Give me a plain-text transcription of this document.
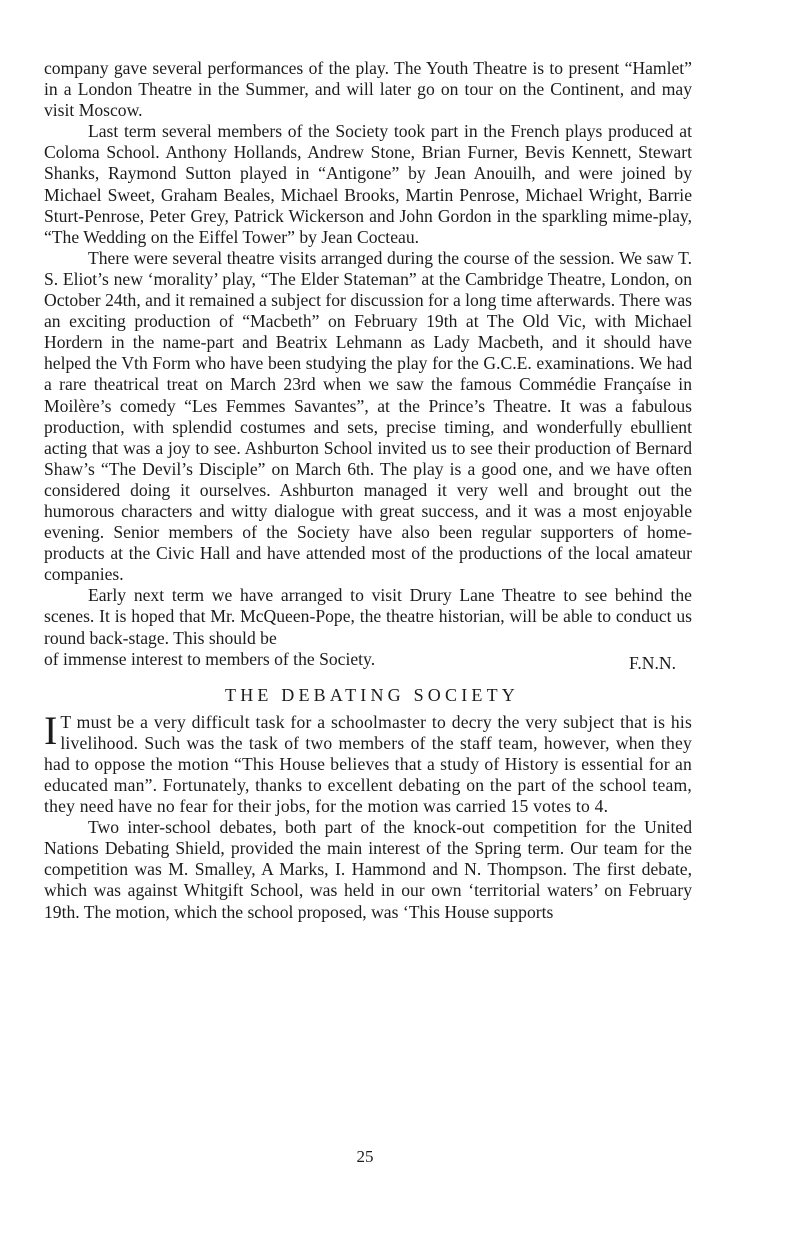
company gave several performances of the play. The Youth Theatre is to present “Hamlet” in a London Theatre in the Summer, and will later go on tour on the Continent, and may visit Moscow.

Last term several members of the Society took part in the French plays produced at Coloma School. Anthony Hollands, Andrew Stone, Brian Furner, Bevis Kennett, Stewart Shanks, Raymond Sutton played in “Antigone” by Jean Anouilh, and were joined by Michael Sweet, Graham Beales, Michael Brooks, Martin Penrose, Michael Wright, Barrie Sturt-Penrose, Peter Grey, Patrick Wickerson and John Gordon in the sparkling mime-play, “The Wedding on the Eiffel Tower” by Jean Cocteau.

There were several theatre visits arranged during the course of the session. We saw T. S. Eliot’s new ‘morality’ play, “The Elder Stateman” at the Cambridge Theatre, London, on October 24th, and it remained a subject for discussion for a long time afterwards. There was an exciting production of “Macbeth” on February 19th at The Old Vic, with Michael Hordern in the name-part and Beatrix Lehmann as Lady Macbeth, and it should have helped the Vth Form who have been studying the play for the G.C.E. examinations. We had a rare theatrical treat on March 23rd when we saw the famous Commédie Françaíse in Moilère’s comedy “Les Femmes Savantes”, at the Prince’s Theatre. It was a fabulous production, with splendid costumes and sets, precise timing, and wonderfully ebullient acting that was a joy to see. Ashburton School invited us to see their production of Bernard Shaw’s “The Devil’s Disciple” on March 6th. The play is a good one, and we have often considered doing it ourselves. Ashburton managed it very well and brought out the humorous characters and witty dialogue with great success, and it was a most enjoyable evening. Senior members of the Society have also been regular supporters of home-products at the Civic Hall and have attended most of the productions of the local amateur companies.

Early next term we have arranged to visit Drury Lane Theatre to see behind the scenes. It is hoped that Mr. McQueen-Pope, the theatre historian, will be able to conduct us round back-stage. This should be

of immense interest to members of the Society.	F.N.N.
THE DEBATING SOCIETY

I T must be a very difficult task for a schoolmaster to decry the very subject that is his livelihood. Such was the task of two members of the staff team, however, when they had to oppose the motion “This House believes that a study of History is essential for an educated man”. Fortunately, thanks to excellent debating on the part of the school team, they need have no fear for their jobs, for the motion was carried 15 votes to 4.

Two inter-school debates, both part of the knock-out competition for the United Nations Debating Shield, provided the main interest of the Spring term. Our team for the competition was M. Smalley, A Marks, I. Hammond and N. Thompson. The first debate, which was against Whitgift School, was held in our own ‘territorial waters’ on February 19th. The motion, which the school proposed, was ‘This House supports

25
